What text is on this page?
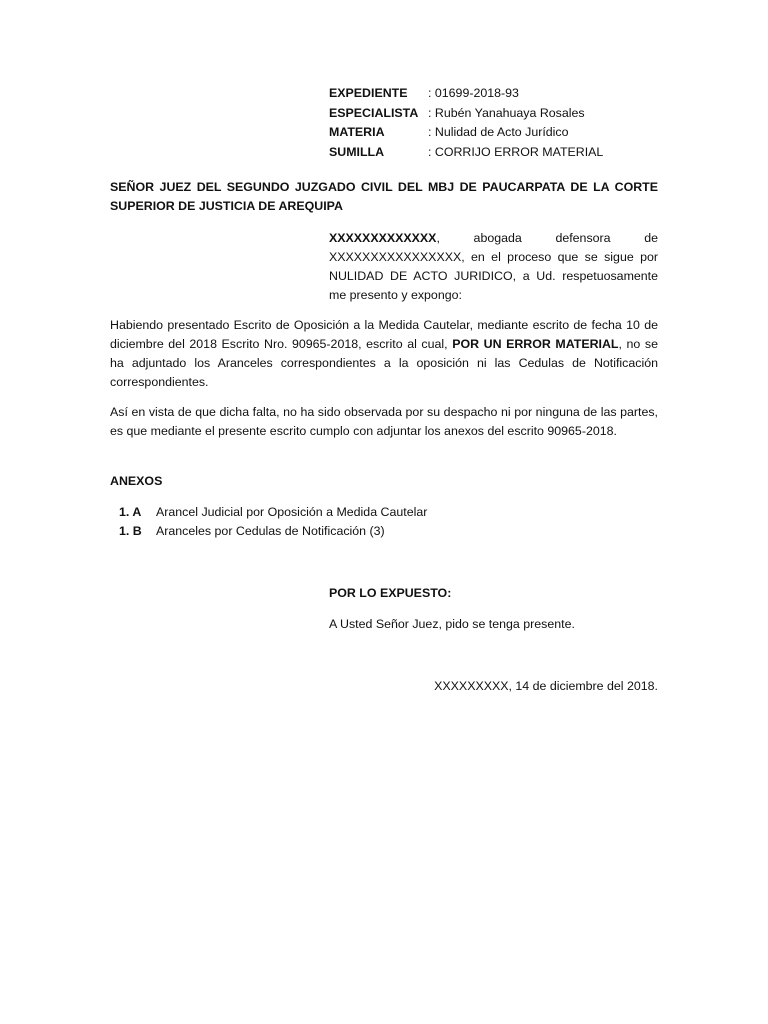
EXPEDIENTE	: 01699-2018-93
ESPECIALISTA : Rubén Yanahuaya Rosales
MATERIA	: Nulidad de Acto Jurídico
SUMILLA	: CORRIJO ERROR MATERIAL
SEÑOR JUEZ DEL SEGUNDO JUZGADO CIVIL DEL MBJ DE PAUCARPATA DE LA CORTE SUPERIOR DE JUSTICIA DE AREQUIPA
XXXXXXXXXXXXX, abogada defensora de XXXXXXXXXXXXXXXX, en el proceso que se sigue por NULIDAD DE ACTO JURIDICO, a Ud. respetuosamente me presento y expongo:
Habiendo presentado Escrito de Oposición a la Medida Cautelar, mediante escrito de fecha 10 de diciembre del 2018 Escrito Nro. 90965-2018, escrito al cual, POR UN ERROR MATERIAL, no se ha adjuntado los Aranceles correspondientes a la oposición ni las Cedulas de Notificación correspondientes.
Así en vista de que dicha falta, no ha sido observada por su despacho ni por ninguna de las partes, es que mediante el presente escrito cumplo con adjuntar los anexos del escrito 90965-2018.
ANEXOS
1. A	Arancel Judicial por Oposición a Medida Cautelar
1. B	Aranceles por Cedulas de Notificación (3)
POR LO EXPUESTO:
A Usted Señor Juez, pido se tenga presente.
XXXXXXXXX, 14 de diciembre del 2018.
